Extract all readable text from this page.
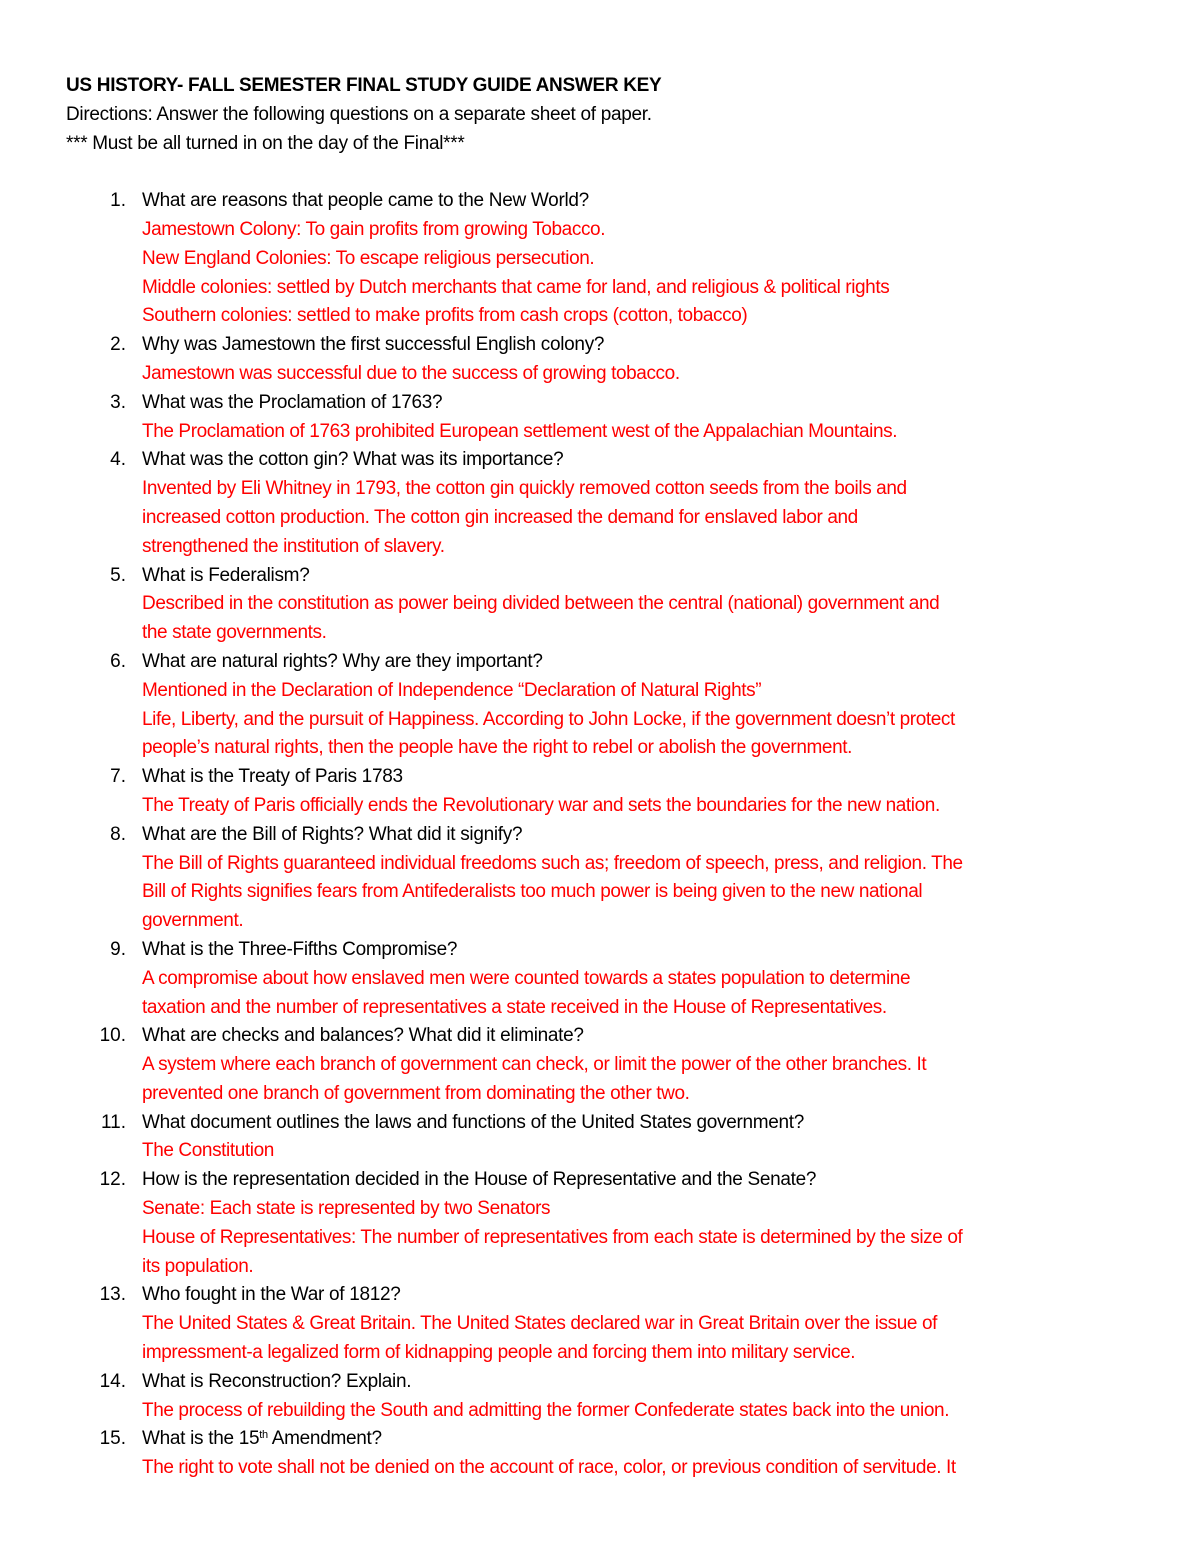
US HISTORY- FALL SEMESTER FINAL STUDY GUIDE ANSWER KEY
Directions: Answer the following questions on a separate sheet of paper.
*** Must be all turned in on the day of the Final***
1. What are reasons that people came to the New World?
Jamestown Colony: To gain profits from growing Tobacco.
New England Colonies: To escape religious persecution.
Middle colonies: settled by Dutch merchants that came for land, and religious & political rights
Southern colonies: settled to make profits from cash crops (cotton, tobacco)
2. Why was Jamestown the first successful English colony?
Jamestown was successful due to the success of growing tobacco.
3. What was the Proclamation of 1763?
The Proclamation of 1763 prohibited European settlement west of the Appalachian Mountains.
4. What was the cotton gin? What was its importance?
Invented by Eli Whitney in 1793, the cotton gin quickly removed cotton seeds from the boils and
increased cotton production. The cotton gin increased the demand for enslaved labor and
strengthened the institution of slavery.
5. What is Federalism?
Described in the constitution as power being divided between the central (national) government and
the state governments.
6. What are natural rights? Why are they important?
Mentioned in the Declaration of Independence “Declaration of Natural Rights”
Life, Liberty, and the pursuit of Happiness. According to John Locke, if the government doesn’t protect
people’s natural rights, then the people have the right to rebel or abolish the government.
7. What is the Treaty of Paris 1783
The Treaty of Paris officially ends the Revolutionary war and sets the boundaries for the new nation.
8. What are the Bill of Rights? What did it signify?
The Bill of Rights guaranteed individual freedoms such as; freedom of speech, press, and religion. The
Bill of Rights signifies fears from Antifederalists too much power is being given to the new national
government.
9. What is the Three-Fifths Compromise?
A compromise about how enslaved men were counted towards a states population to determine
taxation and the number of representatives a state received in the House of Representatives.
10. What are checks and balances? What did it eliminate?
A system where each branch of government can check, or limit the power of the other branches. It
prevented one branch of government from dominating the other two.
11. What document outlines the laws and functions of the United States government?
The Constitution
12. How is the representation decided in the House of Representative and the Senate?
Senate: Each state is represented by two Senators
House of Representatives: The number of representatives from each state is determined by the size of
its population.
13. Who fought in the War of 1812?
The United States & Great Britain. The United States declared war in Great Britain over the issue of
impressment-a legalized form of kidnapping people and forcing them into military service.
14. What is Reconstruction? Explain.
The process of rebuilding the South and admitting the former Confederate states back into the union.
15. What is the 15th Amendment?
The right to vote shall not be denied on the account of race, color, or previous condition of servitude. It
